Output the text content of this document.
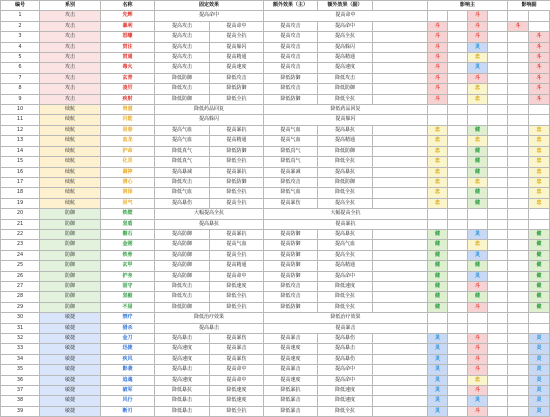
编号	系别	名称	固定效果		额外效果（主）	额外效果（副）		影响主				影响副		
1	攻击	先辉	提高命中		提高命中					斗				
2	攻击	暴利	提高攻击	提高命中	提高攻击	提高命中		斗		斗		斗		
3	攻击	怒嚎	提高攻击	提高全抗	提高攻击	提高全抗		斗		斗			斗	
4	攻击	贯注	提高攻击	提高躲闪	提高攻击	提高躲闪		斗		灵			斗	
5	攻击	贯通	提高攻击	提高精通	提高攻击	提高精通		斗		忠			斗	
6	攻击	毒火	提高攻击	提高速度	提高攻击	提高速度		斗		灵			斗	
7	攻击	玄青	降低防御	降低攻击	降低防御	降低攻击		斗		斗			斗	
8	攻击	凌厉	降低攻击	降低防御	降低攻击	降低防御		斗		忠			斗	
9	攻击	疾射	降低防御	降低全抗	降低防御	降低全抗		斗		忠			斗	
10	续航	贵滋	降低药品回复		降低药品回复									
11	续航	闪能	提高躲闪		提高躲闪									
12	续航	回春	提高气血	提高暴抗	提高气血	提高暴抗		忠		健			忠	
13	续航	血龙	提高气血	提高精通	提高气血	提高精通		忠		忠			忠	
14	续航	护命	降低真气	降低防御	降低真气	降低防御		忠		健			忠	
15	续航	化灵	降低真气	降低全抗	降低真气	降低全抗		忠		健			忠	
16	续航	凝神	提高暴减	提高暴抗	提高暴减	提高暴抗		忠		健			忠	
17	续航	清心	降低攻击	降低防御	降低攻击	降低防御		忠		忠			忠	
18	续航	润泽	降低气血	降低全抗	降低气血	降低全抗		忠		健			忠	
19	续航	回气	提高暴伤	提高全抗	提高暴伤	提高全抗		忠		健			忠	
20	防御	铁壁	大幅提高全抗		大幅提高全抗									
21	防御	坚盾	提高暴抗		提高暴抗									
22	防御	磐石	提高防御	提高暴抗	提高防御	提高暴抗		健		灵			健	
23	防御	金刚	提高防御	提高气血	提高防御	提高气血		健		忠			健	
24	防御	铁骨	提高防御	提高全抗	提高防御	提高全抗		健		灵			健	
25	防御	玄甲	提高防御	提高精通	提高防御	提高精通		健		健			健	
26	防御	护身	提高防御	提高命中	提高防御	提高命中		健		灵			健	
27	防御	固守	降低攻击	降低速度	降低攻击	降低速度		健		斗			健	
28	防御	坚毅	降低攻击	降低全抗	降低攻击	降低全抗		健		健			健	
29	防御	不屈	降低防御	降低全抗	降低防御	降低全抗		健		斗			健	
30	敏捷	禁疗	降低治疗效果		降低治疗效果									
31	敏捷	猎杀	提高暴击		提高暴击									
32	敏捷	金刀	提高暴击	提高暴伤	提高暴击	提高暴伤		灵		斗			灵	
33	敏捷	迅捷	提高速度	提高暴击	提高速度	提高暴击		灵		斗			灵	
34	敏捷	疾风	提高速度	提高暴伤	提高速度	提高暴伤		灵		斗			灵	
35	敏捷	影袭	提高暴击	提高命中	提高暴击	提高命中		灵		斗			灵	
36	敏捷	追魂	提高速度	提高命中	提高速度	提高命中		灵		忠			灵	
37	敏捷	破军	降低暴抗	降低速度	降低暴抗	降低速度		灵		斗			灵	
38	敏捷	风行	降低暴击	降低速度	降低暴击	降低速度		灵		灵			灵	
39	敏捷	断刃	降低暴击	降低全抗	降低暴击	降低全抗		灵		斗			灵	
